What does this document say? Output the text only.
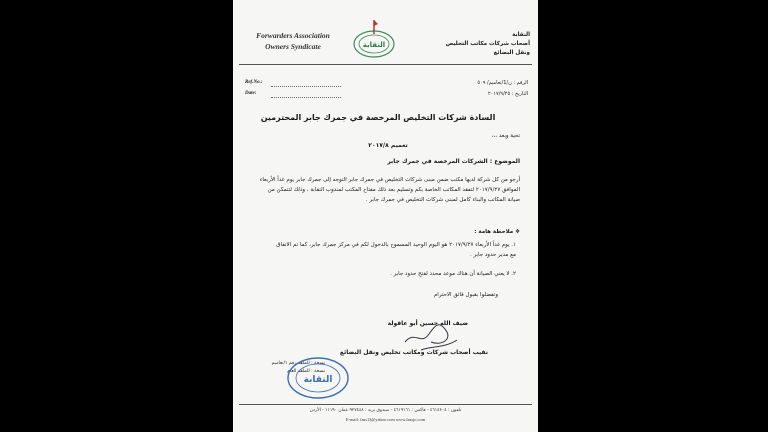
Forwarders Association
Owners Syndicate	النقابة
النقابة
أصحاب شركات مكاتب التخليص ونقل البضائع
Ref.No.:	الرقم : ن/1/تعاميم/ ٥٠٩
Date:	التاريخ : ٢٠١٧/٩/٢٥
السادة شركات التخليص المرخصة في جمرك جابر المحترمين
تحية وبعد ،،،
تعميم ٢٠١٧/٨
الموضوع : الشركات المرخصة في جمرك جابر
أرجو من كل شركة لديها مكتب ضمن مبنى شركات التخليص في جمرك جابر التوجه إلى جمرك جابر يوم غداً الأربعاء الموافق ٢٠١٧/٩/٢٧ لتفقد المكاتب الخاصة بكم وتسليم بعد ذلك مفتاح المكتب لمندوب النقابة ، وذلك لتتمكن من صيانة المكاتب والبناء كامل لمبنى شركات التخليص في جمرك جابر .
❖ ملاحظة هامة :
١. يوم غداً الأربعاء ٢٠١٧/٩/٢٧ هو اليوم الوحيد المسموح بالدخول لكم في مركز جمرك جابر، كما تم الاتفاق مع مدير حدود جابر .
٢. لا يعني الصيانة أن هناك موعد محدد لفتح حدود جابر .
وتفضلوا بقبول فائق الاحترام
ضيف الله حسين أبو عاقولة
نقيب أصحاب شركات ومكاتب تخليص ونقل البضائع
نسخة : للملف رقم ١/تعاميم
نسخة : للملف العام
النقابة
تلفون : ٤٦١٤٣٠٤ - فاكس : ٤٦١٩١٦١ - صندوق بريد : ٩٢٧٤٨٨ عمان ١١١٩٠ - الأردن
E-mail: fass13@yahoo.com www.fassjo.com
